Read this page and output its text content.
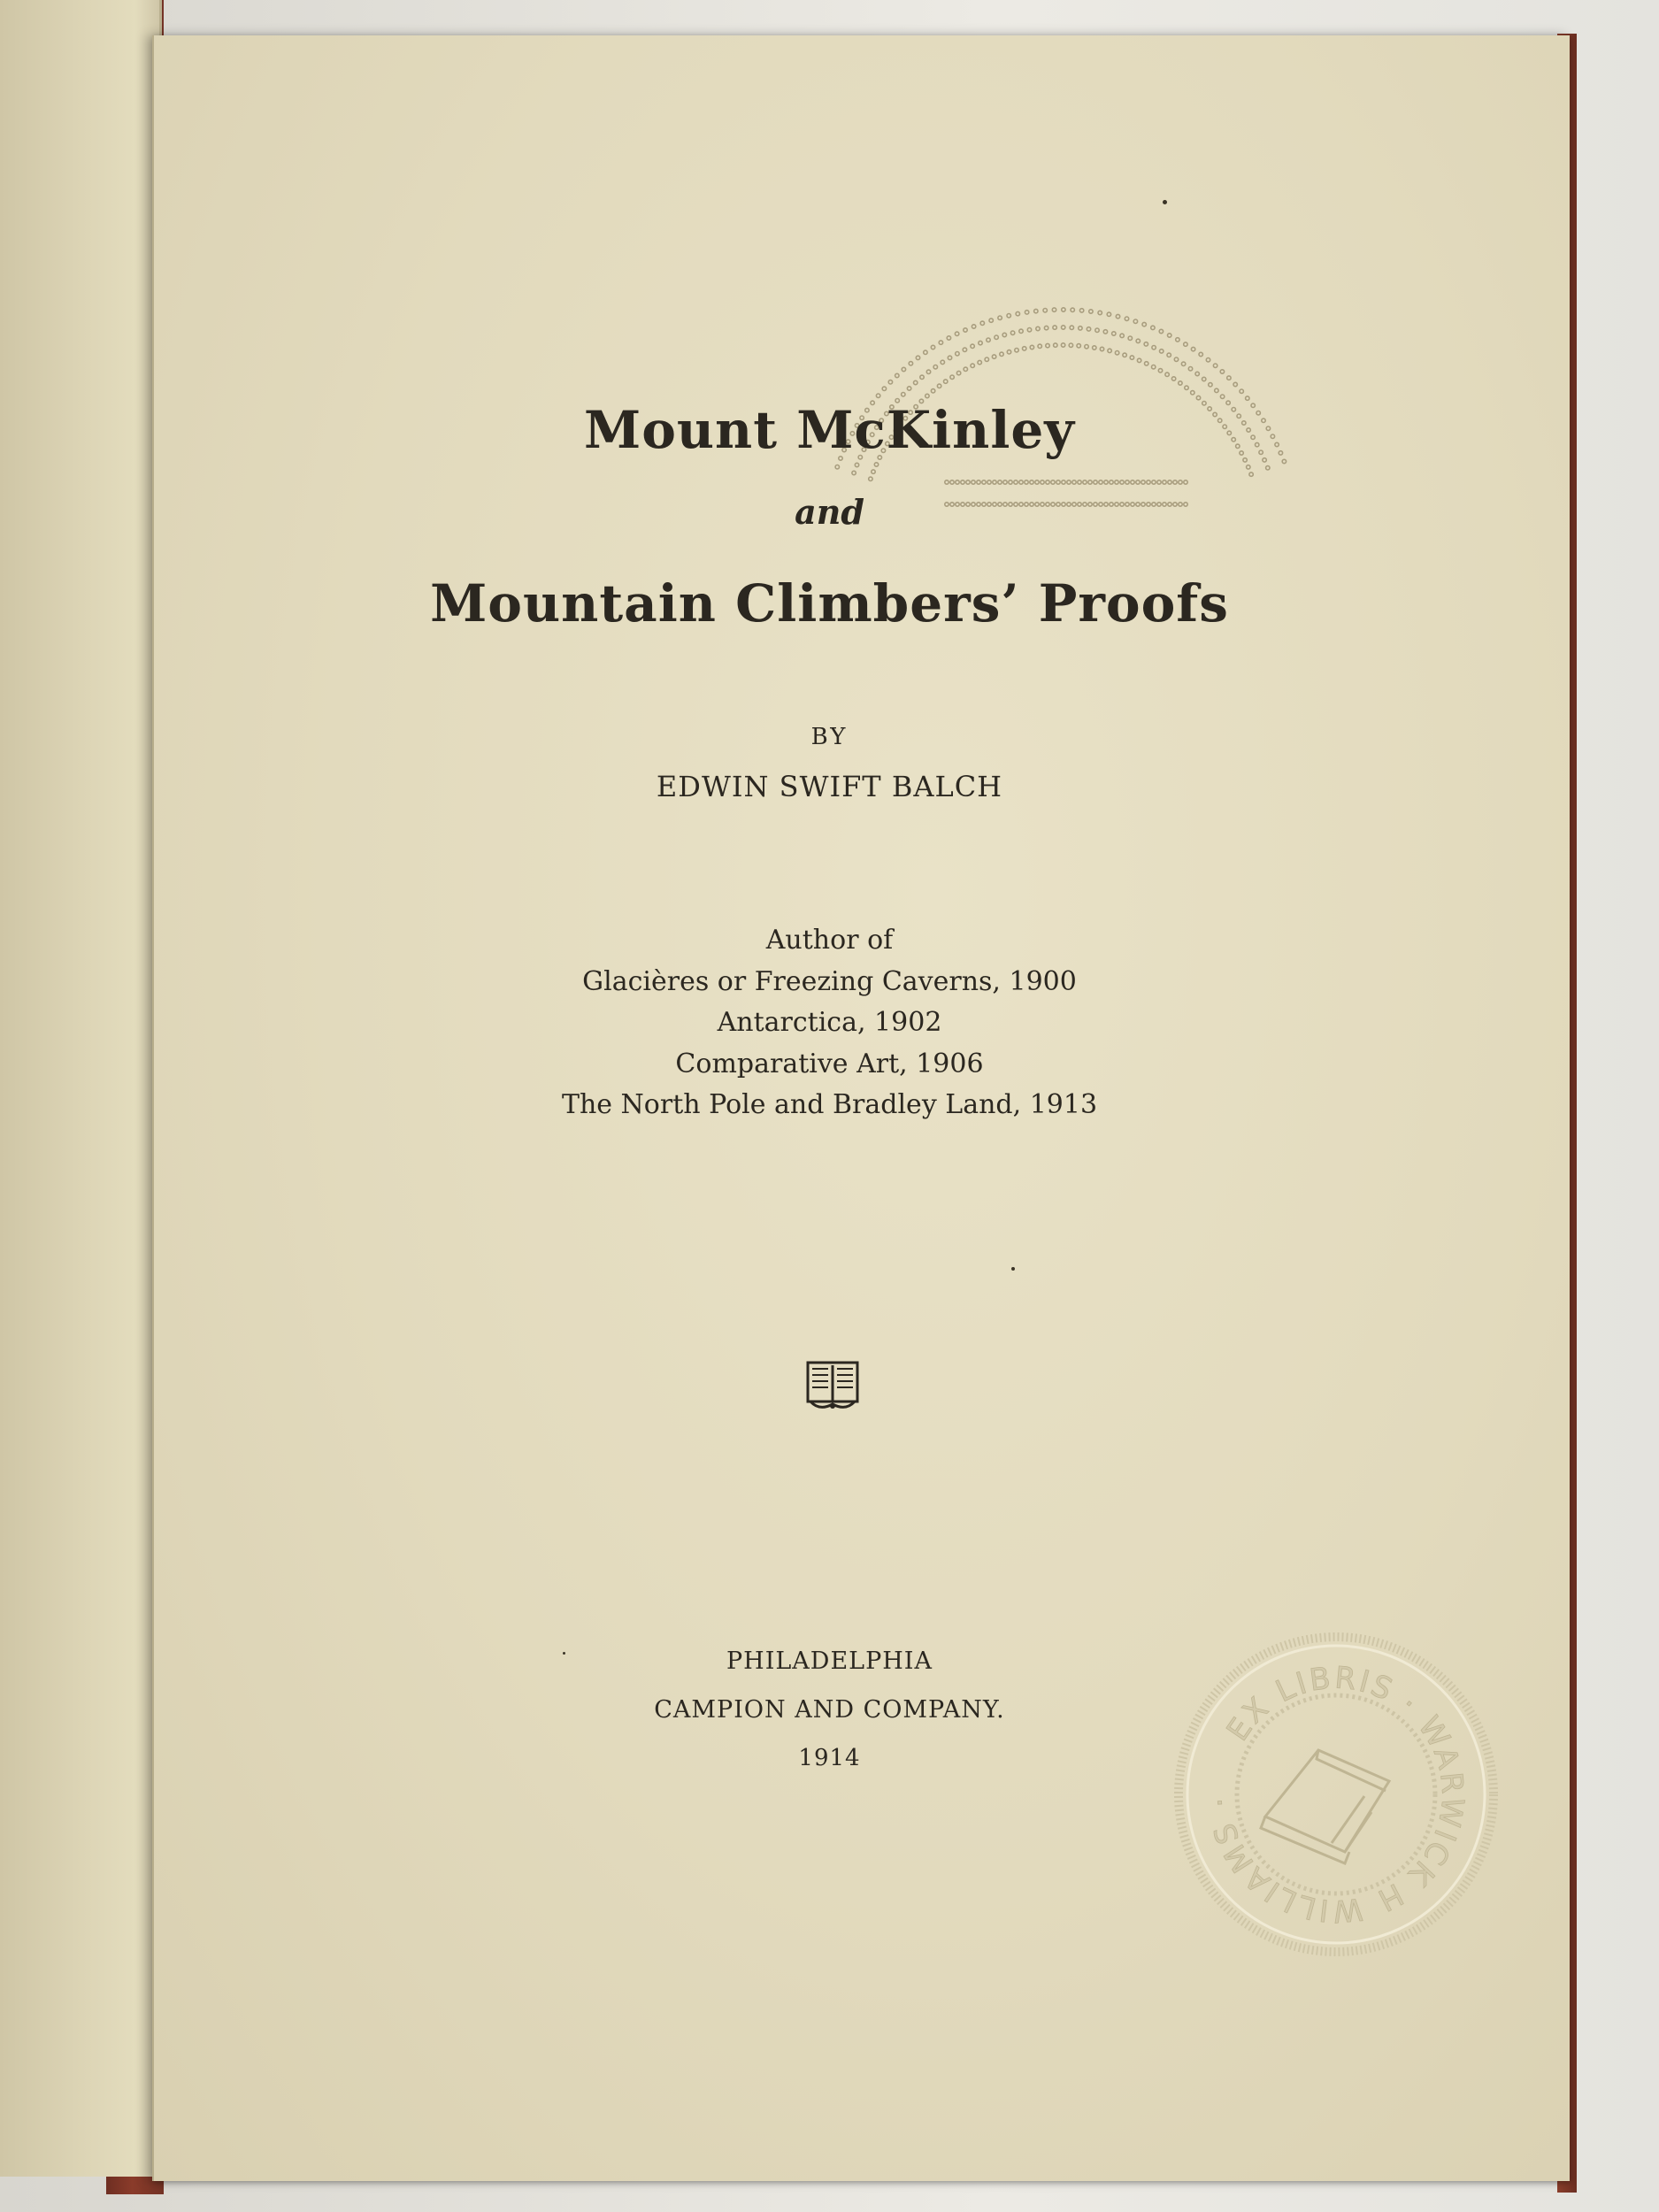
Mount McKinley
and
Mountain Climbers’ Proofs
BY
EDWIN SWIFT BALCH
Author of
Glacières or Freezing Caverns, 1900
Antarctica, 1902
Comparative Art, 1906
The North Pole and Bradley Land, 1913
PHILADELPHIA
CAMPION AND COMPANY.
1914
EX LIBRIS · WARWICK H WILLIAMS ·
